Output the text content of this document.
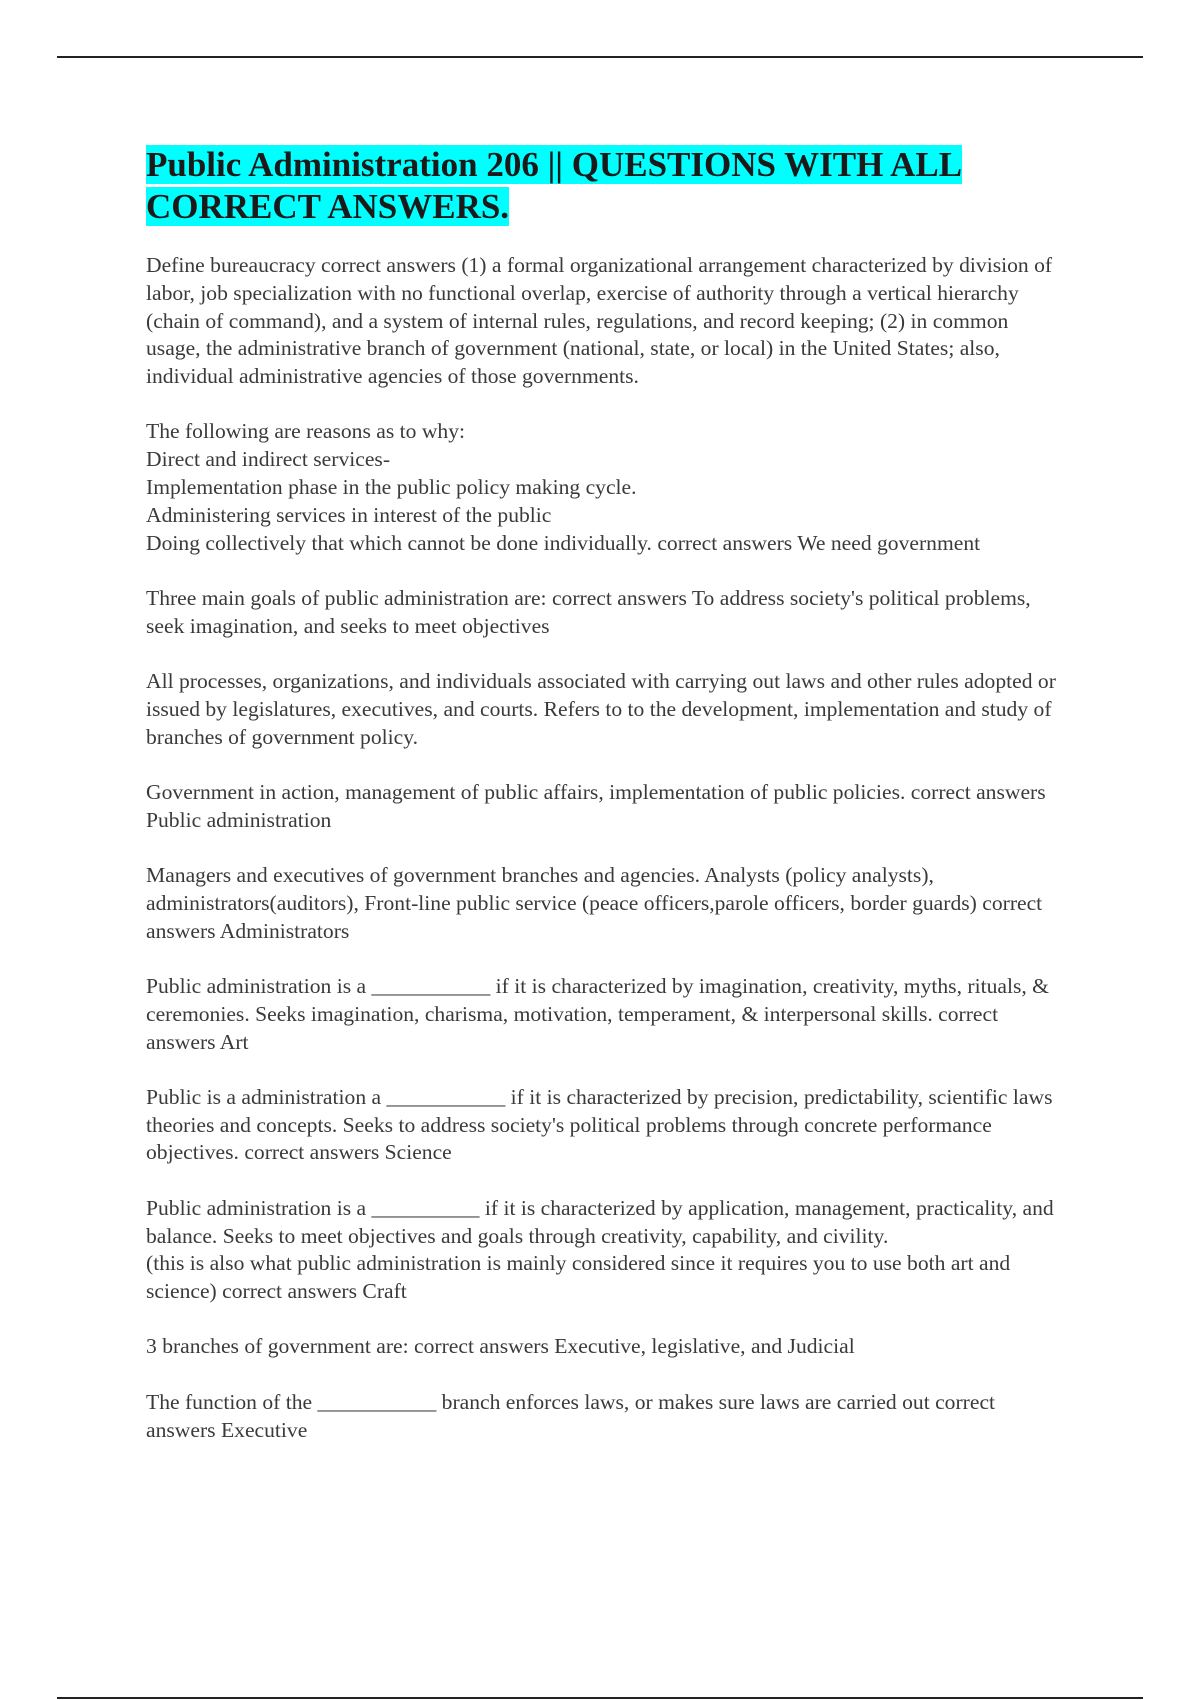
Public Administration 206 || QUESTIONS WITH ALL CORRECT ANSWERS.
Define bureaucracy correct answers (1) a formal organizational arrangement characterized by division of labor, job specialization with no functional overlap, exercise of authority through a vertical hierarchy (chain of command), and a system of internal rules, regulations, and record keeping; (2) in common usage, the administrative branch of government (national, state, or local) in the United States; also, individual administrative agencies of those governments.
The following are reasons as to why:
Direct and indirect services-
Implementation phase in the public policy making cycle.
Administering services in interest of the public
Doing collectively that which cannot be done individually. correct answers We need government
Three main goals of public administration are: correct answers To address society's political problems, seek imagination, and seeks to meet objectives
All processes, organizations, and individuals associated with carrying out laws and other rules adopted or issued by legislatures, executives, and courts. Refers to to the development, implementation and study of branches of government policy.
Government in action, management of public affairs, implementation of public policies. correct answers Public administration
Managers and executives of government branches and agencies. Analysts (policy analysts), administrators(auditors), Front-line public service (peace officers,parole officers, border guards) correct answers Administrators
Public administration is a ___________ if it is characterized by imagination, creativity, myths, rituals, & ceremonies. Seeks imagination, charisma, motivation, temperament, & interpersonal skills. correct answers Art
Public is a administration a ___________ if it is characterized by precision, predictability, scientific laws theories and concepts. Seeks to address society's political problems through concrete performance objectives. correct answers Science
Public administration is a __________ if it is characterized by application, management, practicality, and balance. Seeks to meet objectives and goals through creativity, capability, and civility.
(this is also what public administration is mainly considered since it requires you to use both art and science) correct answers Craft
3 branches of government are: correct answers Executive, legislative, and Judicial
The function of the ___________ branch enforces laws, or makes sure laws are carried out correct answers Executive
